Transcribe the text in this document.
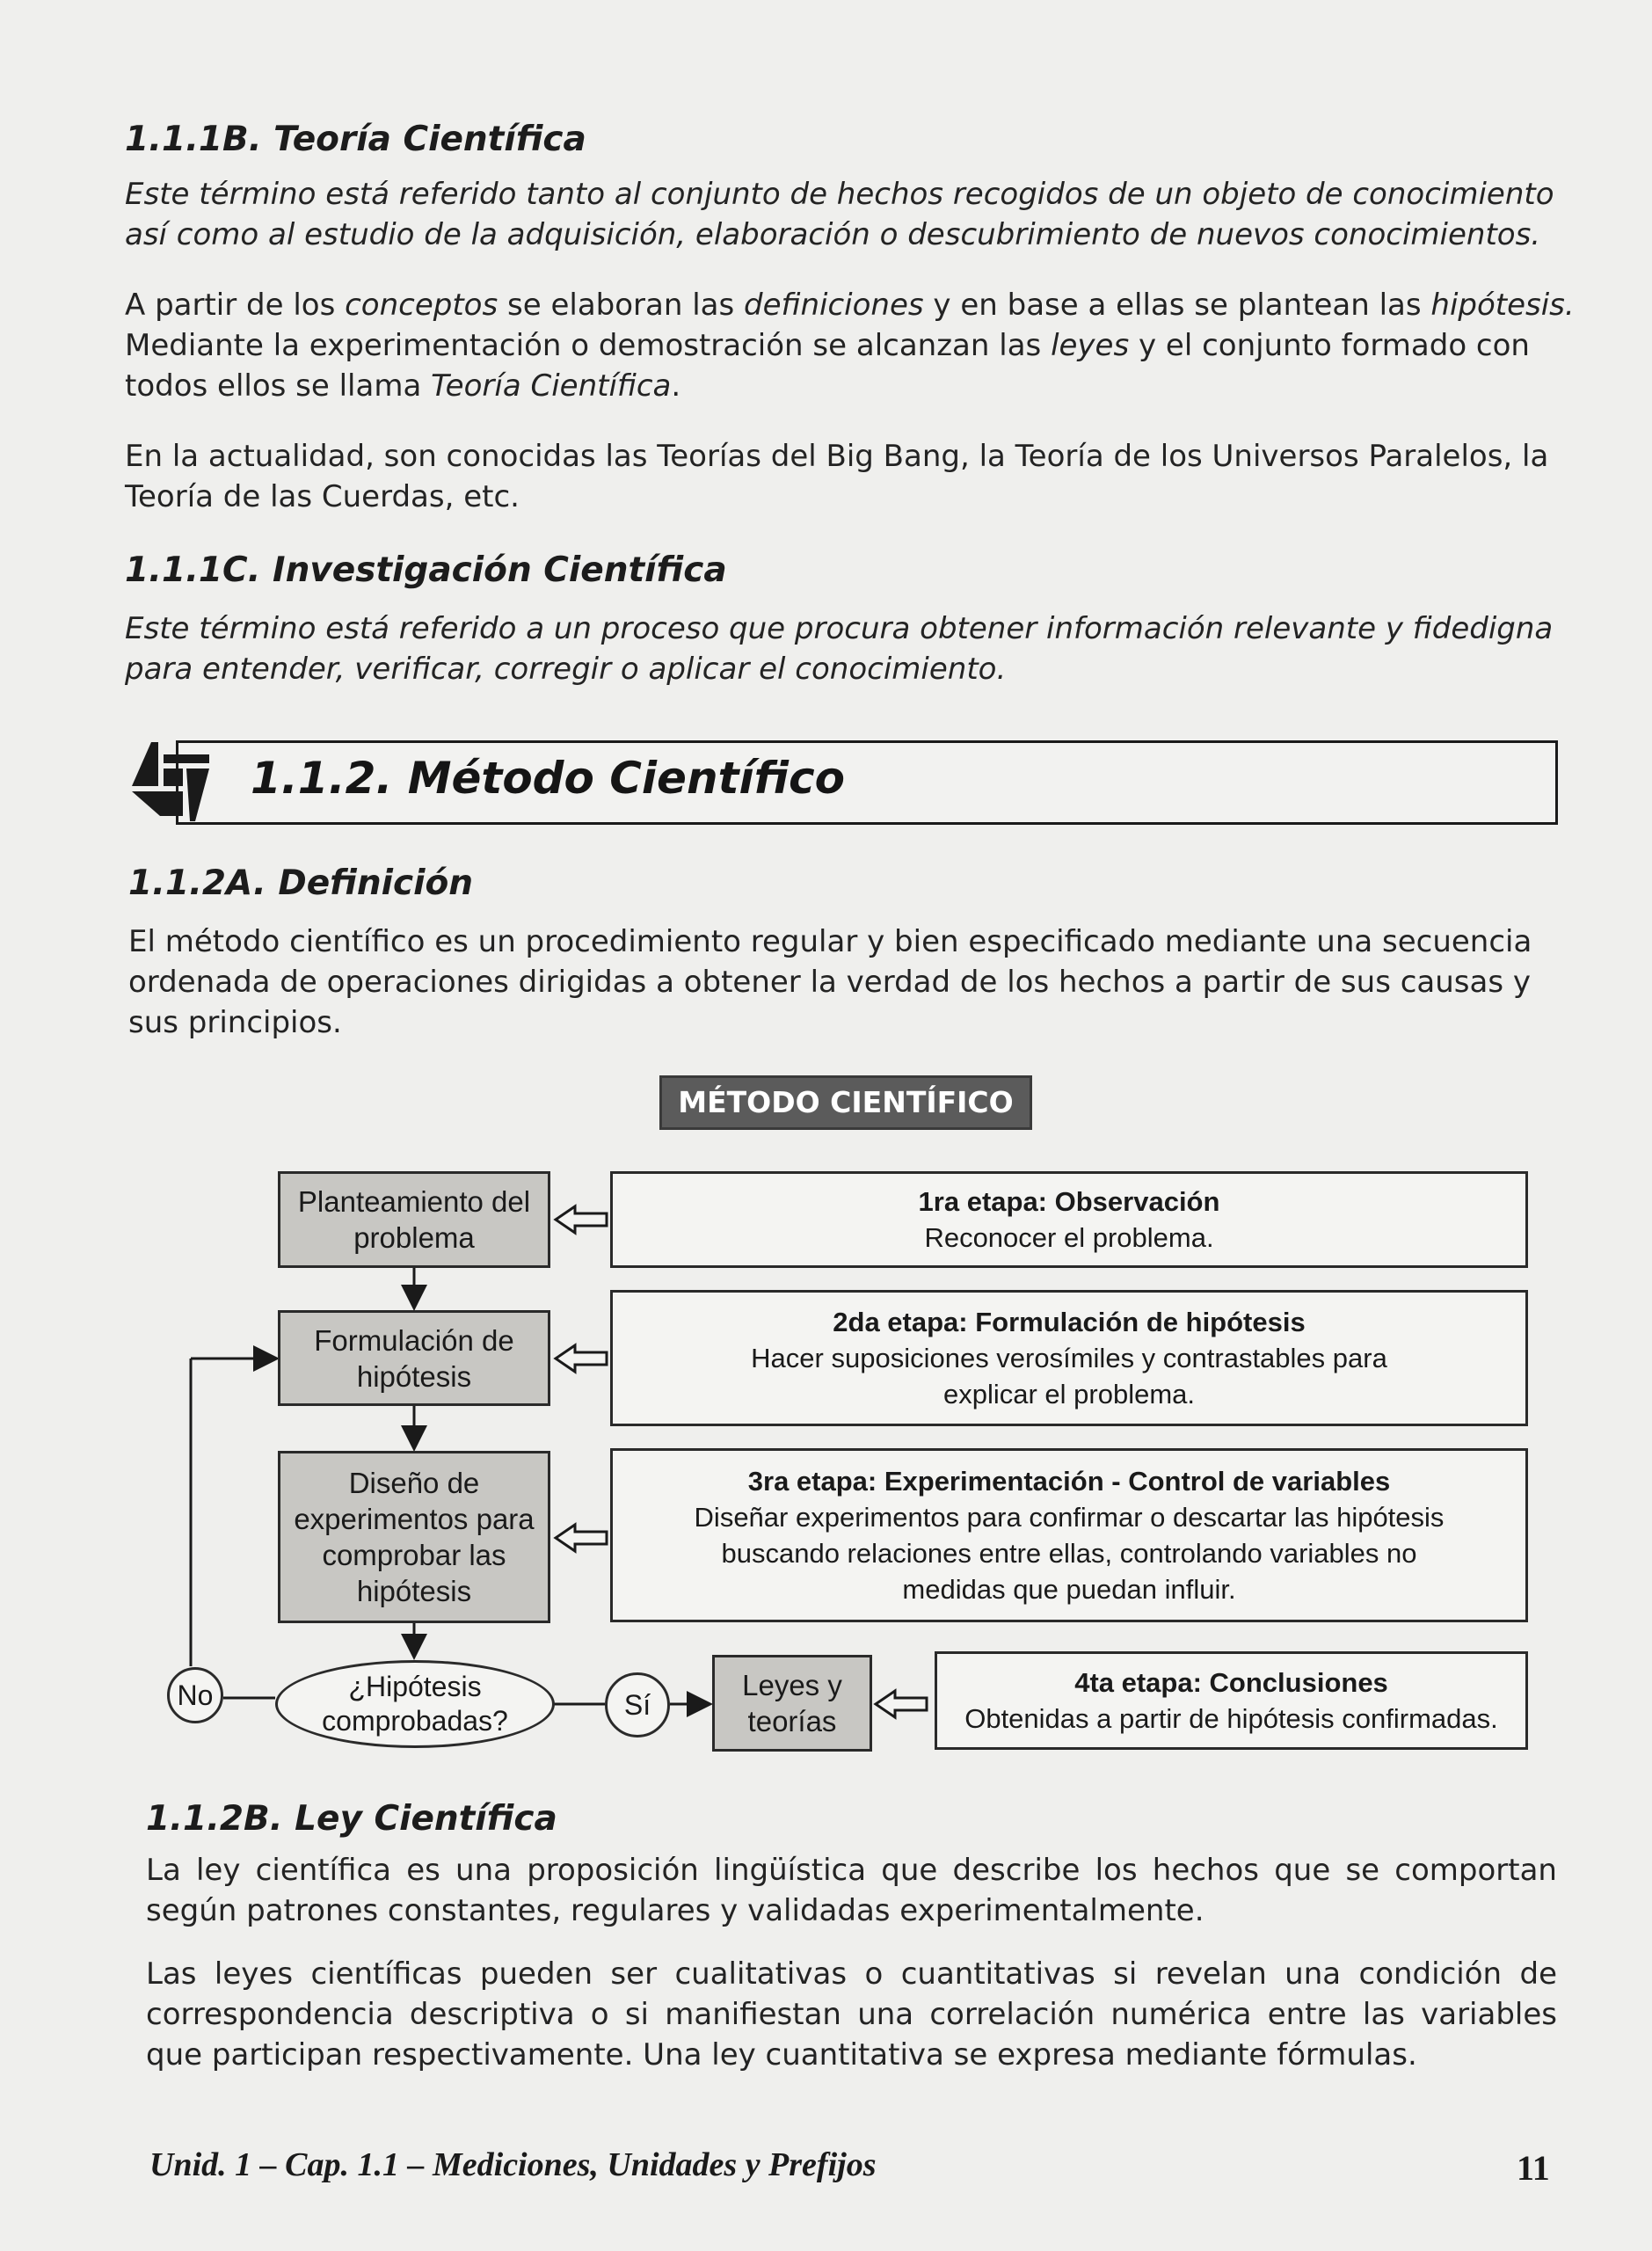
1.1.1B. Teoría Científica
Este término está referido tanto al conjunto de hechos recogidos de un objeto de conocimiento así como al estudio de la adquisición, elaboración o descubrimiento de nuevos conocimientos.
A partir de los conceptos se elaboran las definiciones y en base a ellas se plantean las hipótesis. Mediante la experimentación o demostración se alcanzan las leyes y el conjunto formado con todos ellos se llama Teoría Científica.
En la actualidad, son conocidas las Teorías del Big Bang, la Teoría de los Universos Paralelos, la Teoría de las Cuerdas, etc.
1.1.1C. Investigación Científica
Este término está referido a un proceso que procura obtener información relevante y fidedigna para entender, verificar, corregir o aplicar el conocimiento.
1.1.2. Método Científico
1.1.2A. Definición
El método científico es un procedimiento regular y bien especificado mediante una secuencia ordenada de operaciones dirigidas a obtener la verdad de los hechos a partir de sus causas y sus principios.
MÉTODO CIENTÍFICO
Planteamiento del problema
Formulación de hipótesis
Diseño de experimentos para comprobar las hipótesis
1ra etapa: Observación
Reconocer el problema.
2da etapa: Formulación de hipótesis
Hacer suposiciones verosímiles y contrastables para explicar el problema.
3ra etapa: Experimentación - Control de variables
Diseñar experimentos para confirmar o descartar las hipótesis buscando relaciones entre ellas, controlando variables no medidas que puedan influir.
No	¿Hipótesis comprobadas?
Sí
Leyes y teorías
4ta etapa: Conclusiones
Obtenidas a partir de hipótesis confirmadas.
1.1.2B. Ley Científica
La ley científica es una proposición lingüística que describe los hechos que se comportan según patrones constantes, regulares y validadas experimentalmente.
Las leyes científicas pueden ser cualitativas o cuantitativas si revelan una condición de correspondencia descriptiva o si manifiestan una correlación numérica entre las variables que participan respectivamente. Una ley cuantitativa se expresa mediante fórmulas.
Unid. 1 – Cap. 1.1 – Mediciones, Unidades y Prefijos	11
